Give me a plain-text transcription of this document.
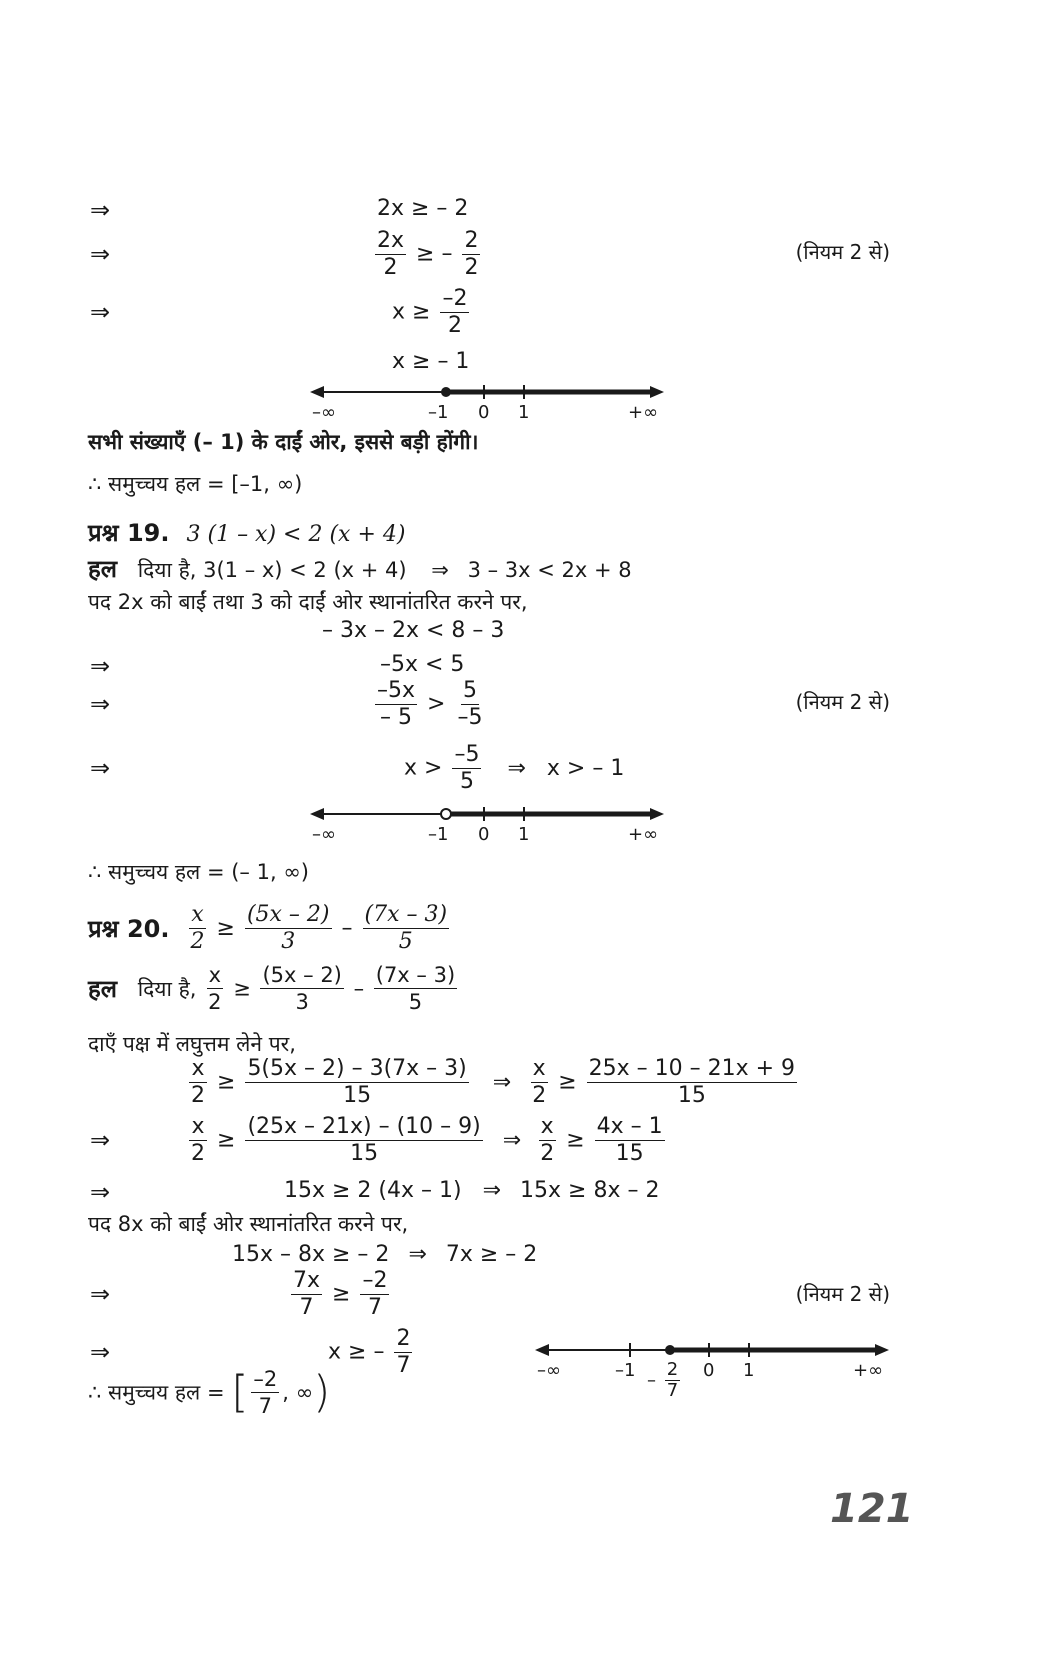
⇒	2x ≥ – 2
⇒	$\frac{2x}{2}$ ≥ – $\frac{2}{2}$	(नियम 2 से)
⇒	$x \ge \frac{-2}{2}$
x ≥ – 1
–∞	–1 0 1	+∞
सभी संख्याएँ (– 1) के दाईं ओर, इससे बड़ी होंगी।
∴ समुच्चय हल = [–1, ∞)
प्रश्न 19. 3 (1 – x) < 2 (x + 4)
हल दिया है, 3(1 – x) < 2 (x + 4) ⇒ 3 – 3x < 2x + 8
पद 2x को बाईं तथा 3 को दाईं ओर स्थानांतरित करने पर,
– 3x – 2x < 8 – 3
⇒	–5x < 5
⇒	$\frac{-5x}{- 5} > \frac{5}{-5}$	(नियम 2 से)
⇒	$x > \frac{-5}{5}$ ⇒ x > – 1
–∞	–1 0 1	+∞
∴ समुच्चय हल = (– 1, ∞)
प्रश्न 20. $\frac{x}{2} \ge \frac{(5x - 2)}{3} - \frac{(7x - 3)}{5}$
हल दिया है, $\frac{x}{2} \ge \frac{(5x - 2)}{3} - \frac{(7x - 3)}{5}$
दाएँ पक्ष में लघुत्तम लेने पर,
$\frac{x}{2} \ge \frac{5(5x - 2) - 3(7x - 3)}{15}$ ⇒ $\frac{x}{2} \ge \frac{25x - 10 - 21x + 9}{15}$
⇒	$\frac{x}{2} \ge \frac{(25x - 21x) - (10 - 9)}{15}$ ⇒ $\frac{x}{2} \ge \frac{4x - 1}{15}$
⇒	15x ≥ 2 (4x – 1) ⇒ 15x ≥ 8x – 2
पद 8x को बाईं ओर स्थानांतरित करने पर,
15x – 8x ≥ – 2 ⇒ 7x ≥ – 2
⇒	$\frac{7x}{7} \ge \frac{-2}{7}$	(नियम 2 से)
⇒	x ≥ – $\frac{2}{7}$	–∞	$-1 - \frac{2}{7} 0$ 1	+∞
∴ समुच्चय हल = [ $\frac{-2}{7}$ , ∞)
121
